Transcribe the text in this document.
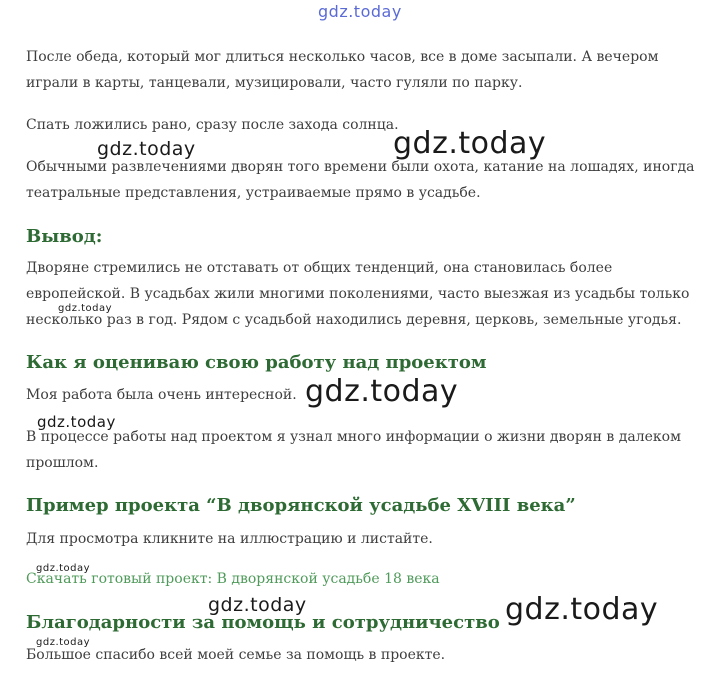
gdz.today
gdz.today
gdz.today
gdz.today
gdz.today
gdz.today
gdz.today
gdz.today	gdz.today
gdz.today

После обеда, который мог длиться несколько часов, все в доме засыпали. А вечером играли в карты, танцевали, музицировали, часто гуляли по парку.

Спать ложились рано, сразу после захода солнца.

Обычными развлечениями дворян того времени были охота, катание на лошадях, иногда театральные представления, устраиваемые прямо в усадьбе.

Вывод:

Дворяне стремились не отставать от общих тенденций, она становилась более европейской. В усадьбах жили многими поколениями, часто выезжая из усадьбы только несколько раз в год. Рядом с усадьбой находились деревня, церковь, земельные угодья.

Как я оцениваю свою работу над проектом

Моя работа была очень интересной.

В процессе работы над проектом я узнал много информации о жизни дворян в далеком прошлом.

Пример проекта “В дворянской усадьбе XVIII века”

Для просмотра кликните на иллюстрацию и листайте.

Скачать готовый проект: В дворянской усадьбе 18 века
Благодарности за помощь и сотрудничество

Большое спасибо всей моей семье за помощь в проекте.
